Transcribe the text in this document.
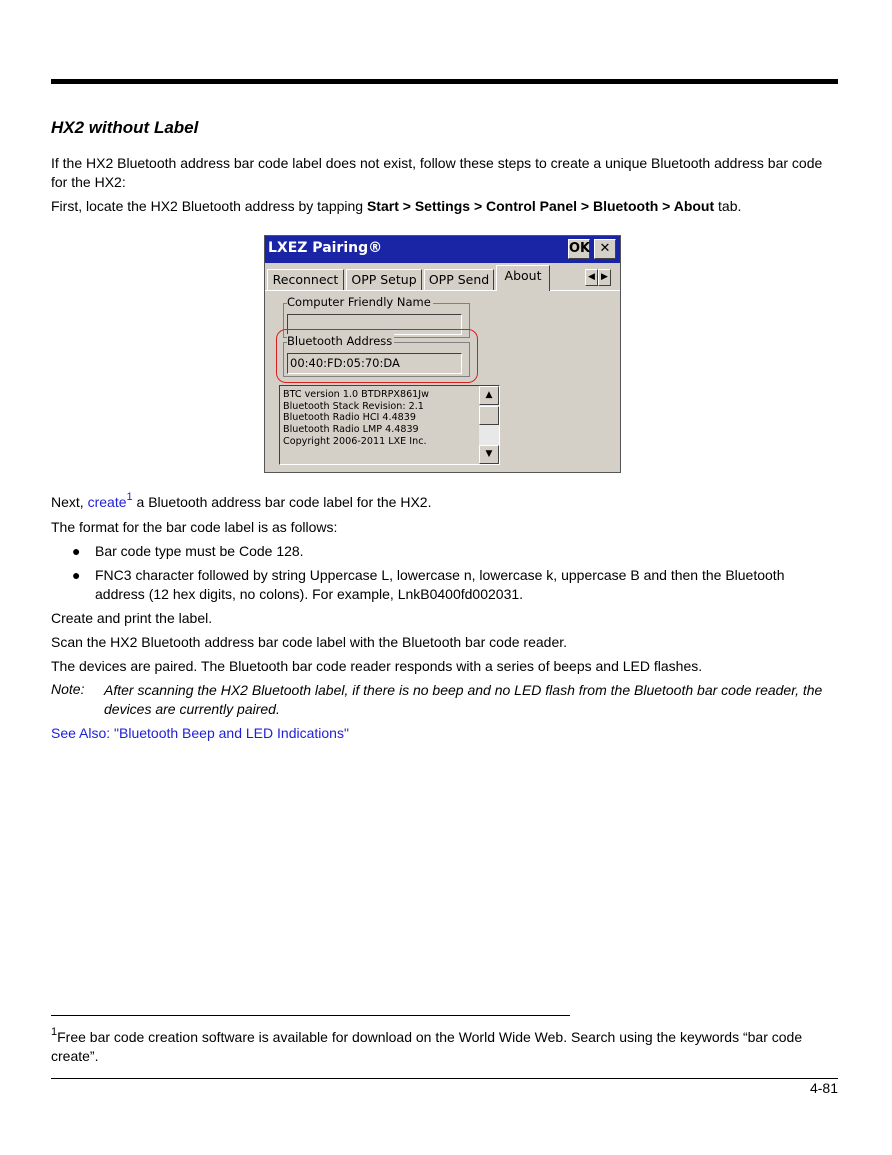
HX2 without Label

If the HX2 Bluetooth address bar code label does not exist, follow these steps to create a unique Bluetooth address bar code for the HX2:

First, locate the HX2 Bluetooth address by tapping Start > Settings > Control Panel > Bluetooth > About tab.

LXEZ Pairing®	OK ✕
Reconnect	OPP Setup OPP Send	About	◀ ▶
Computer Friendly Name
Bluetooth Address
00:40:FD:05:70:DA
BTC version 1.0 BTDRPX861Jw
Bluetooth Stack Revision: 2.1
Bluetooth Radio HCI 4.4839
Bluetooth Radio LMP 4.4839
Copyright 2006-2011 LXE Inc.
▲
▼

Next, create$^1$ a Bluetooth address bar code label for the HX2.

The format for the bar code label is as follows:

● Bar code type must be Code 128.
● FNC3 character followed by string Uppercase L, lowercase n, lowercase k, uppercase B and then the Bluetooth address (12 hex digits, no colons). For example, LnkB0400fd002031.

Create and print the label.

Scan the HX2 Bluetooth address bar code label with the Bluetooth bar code reader.

The devices are paired. The Bluetooth bar code reader responds with a series of beeps and LED flashes.

Note: After scanning the HX2 Bluetooth label, if there is no beep and no LED flash from the Bluetooth bar code reader, the devices are currently paired.

See Also: "Bluetooth Beep and LED Indications"

$^1$Free bar code creation software is available for download on the World Wide Web. Search using the keywords “bar code create”.
4-81
